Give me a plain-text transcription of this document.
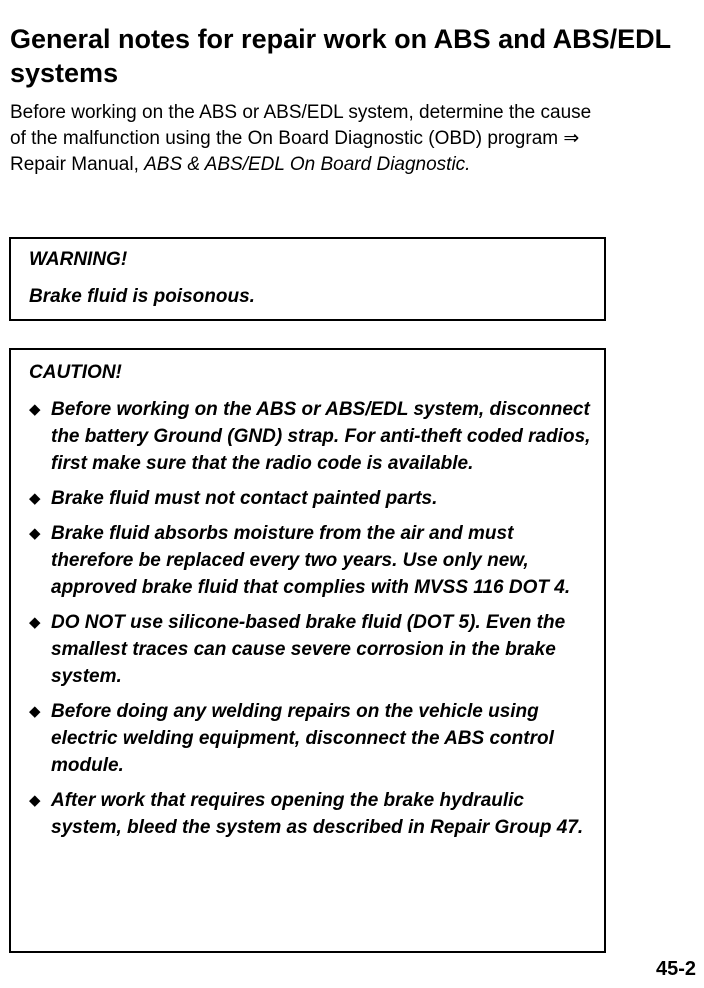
General notes for repair work on ABS and ABS/EDL systems

Before working on the ABS or ABS/EDL system, determine the cause of the malfunction using the On Board Diagnostic (OBD) program ⇒ Repair Manual, ABS & ABS/EDL On Board Diagnostic.

WARNING!

Brake fluid is poisonous.

CAUTION!

◆ Before working on the ABS or ABS/EDL system, disconnect the battery Ground (GND) strap. For anti-theft coded radios, first make sure that the radio code is available.
◆ Brake fluid must not contact painted parts.
◆ Brake fluid absorbs moisture from the air and must therefore be replaced every two years. Use only new, approved brake fluid that complies with MVSS 116 DOT 4.
◆ DO NOT use silicone-based brake fluid (DOT 5). Even the smallest traces can cause severe corrosion in the brake system.
◆ Before doing any welding repairs on the vehicle using electric welding equipment, disconnect the ABS control module.
◆ After work that requires opening the brake hydraulic system, bleed the system as described in Repair Group 47.
45-2
